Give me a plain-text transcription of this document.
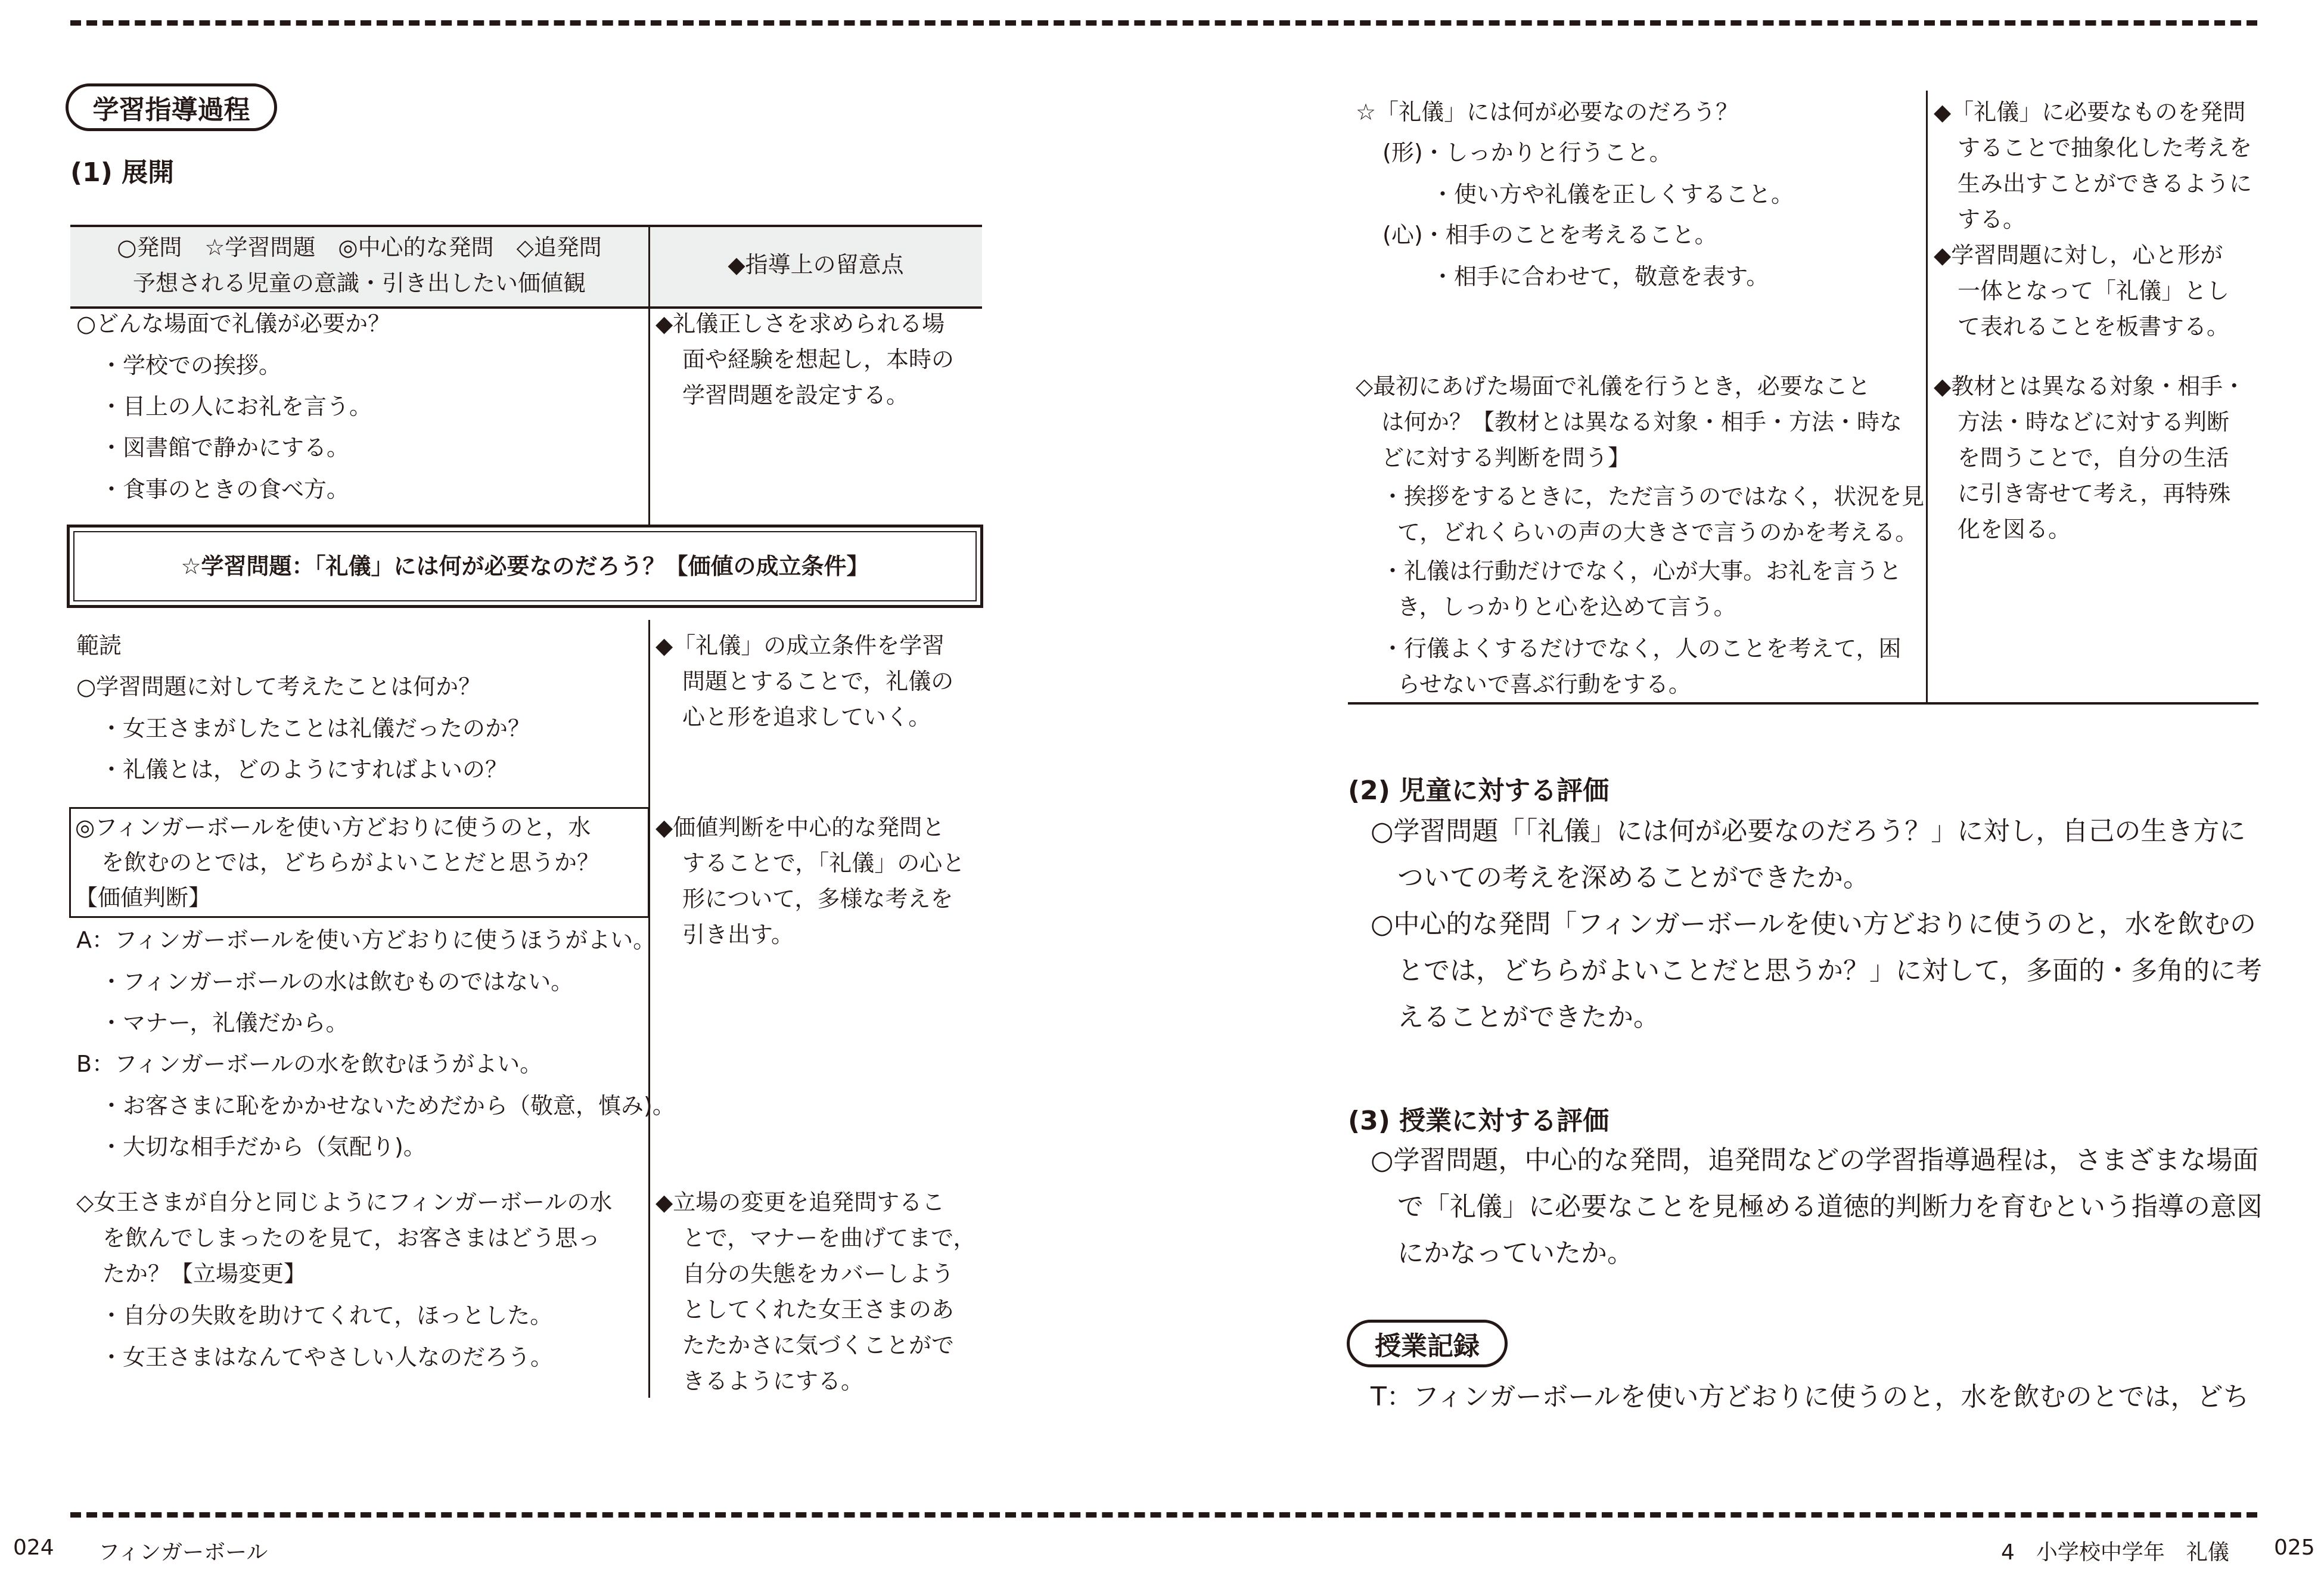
学習指導過程
(1) 展開
○発問　☆学習問題　◎中心的な発問　◇追発問
予想される児童の意識・引き出したい価値観
◆指導上の留意点
○どんな場面で礼儀が必要か？
・学校での挨拶。
・目上の人にお礼を言う。
・図書館で静かにする。
・食事のときの食べ方。
◆礼儀正しさを求められる場
面や経験を想起し，本時の
学習問題を設定する。
☆学習問題：「礼儀」には何が必要なのだろう？【価値の成立条件】
範読
○学習問題に対して考えたことは何か？
・女王さまがしたことは礼儀だったのか？
・礼儀とは，どのようにすればよいの？
◆「礼儀」の成立条件を学習
問題とすることで，礼儀の
心と形を追求していく。
◎フィンガーボールを使い方どおりに使うのと，水
を飲むのとでは，どちらがよいことだと思うか？
【価値判断】
A：フィンガーボールを使い方どおりに使うほうがよい。
・フィンガーボールの水は飲むものではない。
・マナー，礼儀だから。
B：フィンガーボールの水を飲むほうがよい。
・お客さまに恥をかかせないためだから（敬意，慎み)。
・大切な相手だから（気配り)。
◆価値判断を中心的な発問と
することで，「礼儀」の心と
形について，多様な考えを
引き出す。
◇女王さまが自分と同じようにフィンガーボールの水
を飲んでしまったのを見て，お客さまはどう思っ
たか？【立場変更】
・自分の失敗を助けてくれて，ほっとした。
・女王さまはなんてやさしい人なのだろう。
◆立場の変更を追発問するこ
とで，マナーを曲げてまで，
自分の失態をカバーしよう
としてくれた女王さまのあ
たたかさに気づくことがで
きるようにする。
024 フィンガーボール
☆「礼儀」には何が必要なのだろう？
(形)・しっかりと行うこと。
・使い方や礼儀を正しくすること。
(心)・相手のことを考えること。
・相手に合わせて，敬意を表す。
◆「礼儀」に必要なものを発問
することで抽象化した考えを
生み出すことができるように
する。
◆学習問題に対し，心と形が
一体となって「礼儀」とし
て表れることを板書する。
◇最初にあげた場面で礼儀を行うとき，必要なこと
は何か？【教材とは異なる対象・相手・方法・時な
どに対する判断を問う】
・挨拶をするときに，ただ言うのではなく，状況を見
て，どれくらいの声の大きさで言うのかを考える。
・礼儀は行動だけでなく，心が大事。お礼を言うと
き，しっかりと心を込めて言う。
・行儀よくするだけでなく，人のことを考えて，困
らせないで喜ぶ行動をする。
◆教材とは異なる対象・相手・
方法・時などに対する判断
を問うことで，自分の生活
に引き寄せて考え，再特殊
化を図る。
(2) 児童に対する評価
○学習問題「「礼儀」には何が必要なのだろう？」に対し，自己の生き方に
ついての考えを深めることができたか。
○中心的な発問「フィンガーボールを使い方どおりに使うのと，水を飲むの
とでは，どちらがよいことだと思うか？」に対して，多面的・多角的に考
えることができたか。
(3) 授業に対する評価
○学習問題，中心的な発問，追発問などの学習指導過程は，さまざまな場面
で「礼儀」に必要なことを見極める道徳的判断力を育むという指導の意図
にかなっていたか。
授業記録
T：フィンガーボールを使い方どおりに使うのと，水を飲むのとでは，どち
4　小学校中学年　礼儀 025
